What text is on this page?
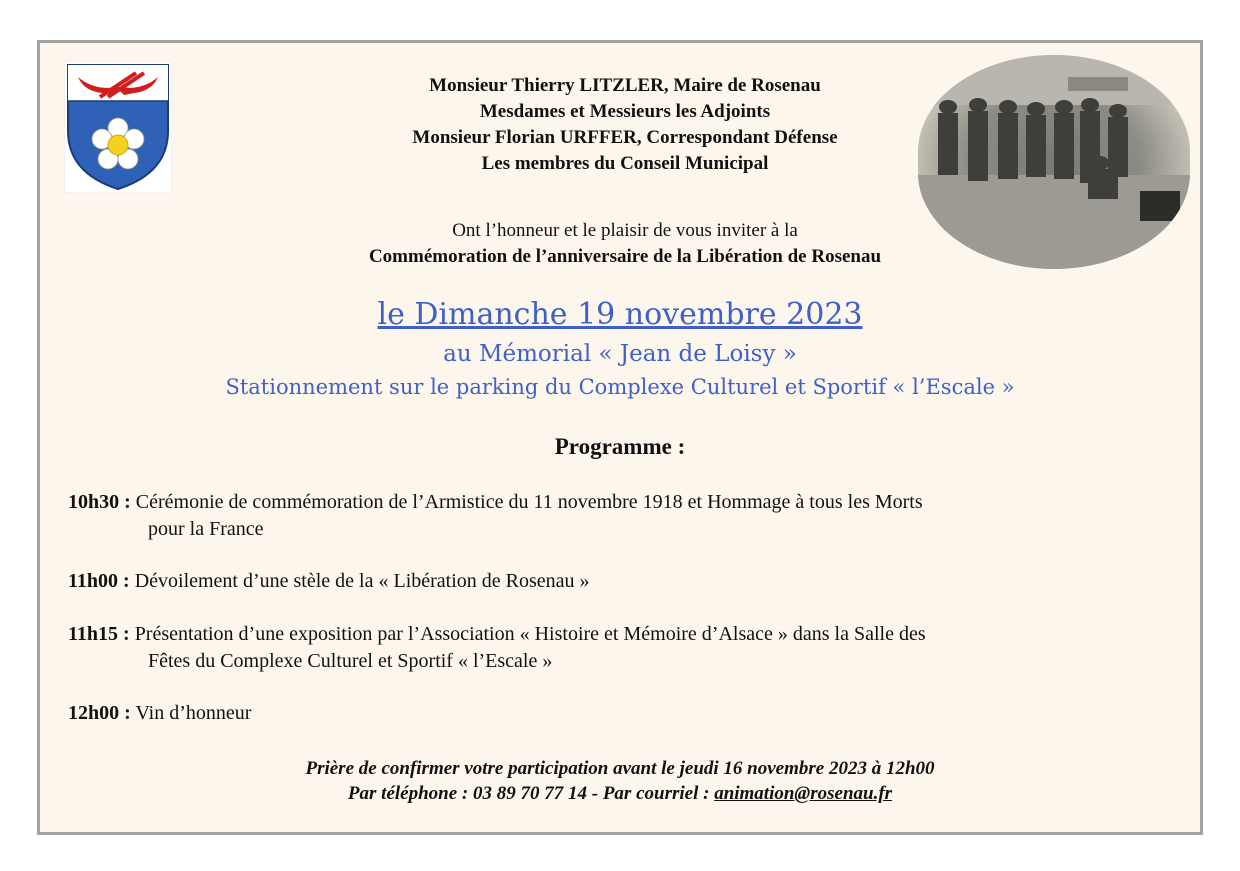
Monsieur Thierry LITZLER, Maire de Rosenau
Mesdames et Messieurs les Adjoints
Monsieur Florian URFFER, Correspondant Défense
Les membres du Conseil Municipal
Ont l’honneur et le plaisir de vous inviter à la
Commémoration de l’anniversaire de la Libération de Rosenau
le Dimanche 19 novembre 2023
au Mémorial « Jean de Loisy »
Stationnement sur le parking du Complexe Culturel et Sportif « l’Escale »
Programme :
10h30 : Cérémonie de commémoration de l’Armistice du 11 novembre 1918 et Hommage à tous les Morts
pour la France
11h00 : Dévoilement d’une stèle de la « Libération de Rosenau »
11h15 : Présentation d’une exposition par l’Association « Histoire et Mémoire d’Alsace » dans la Salle des
Fêtes du Complexe Culturel et Sportif « l’Escale »
12h00 : Vin d’honneur
Prière de confirmer votre participation avant le jeudi 16 novembre 2023 à 12h00
Par téléphone : 03 89 70 77 14 - Par courriel : animation@rosenau.fr
